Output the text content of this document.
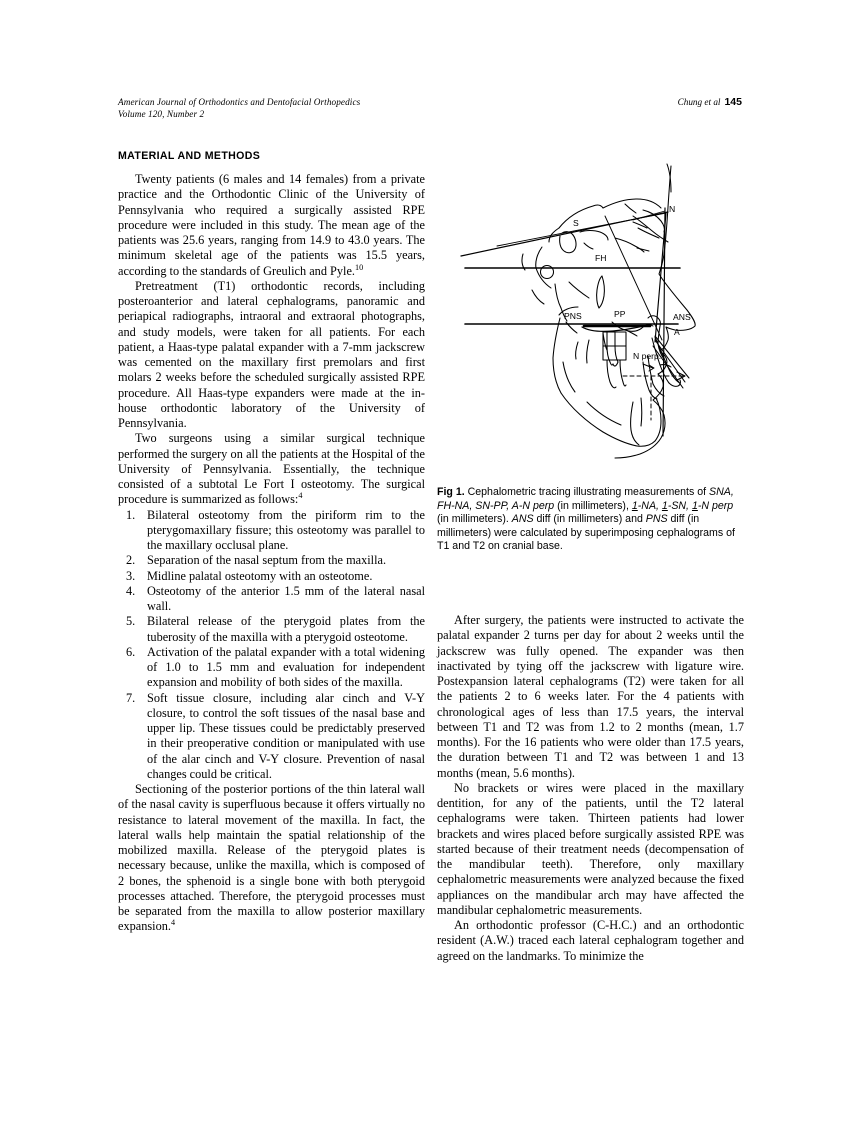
American Journal of Orthodontics and Dentofacial Orthopedics
Volume 120, Number 2
Chung et al 145
MATERIAL AND METHODS

Twenty patients (6 males and 14 females) from a private practice and the Orthodontic Clinic of the University of Pennsylvania who required a surgically assisted RPE procedure were included in this study. The mean age of the patients was 25.6 years, ranging from 14.9 to 43.0 years. The minimum skeletal age of the patients was 15.5 years, according to the standards of Greulich and Pyle.$^{10}$

Pretreatment (T1) orthodontic records, including posteroanterior and lateral cephalograms, panoramic and periapical radiographs, intraoral and extraoral photographs, and study models, were taken for all patients. For each patient, a Haas-type palatal expander with a 7-mm jackscrew was cemented on the maxillary first premolars and first molars 2 weeks before the scheduled surgically assisted RPE procedure. All Haas-type expanders were made at the in-house orthodontic laboratory of the University of Pennsylvania.

Two surgeons using a similar surgical technique performed the surgery on all the patients at the Hospital of the University of Pennsylvania. Essentially, the technique consisted of a subtotal Le Fort I osteotomy. The surgical procedure is summarized as follows:$^4$

Bilateral osteotomy from the piriform rim to the pterygomaxillary fissure; this osteotomy was parallel to the maxillary occlusal plane.
Separation of the nasal septum from the maxilla.
Midline palatal osteotomy with an osteotome.
Osteotomy of the anterior 1.5 mm of the lateral nasal wall.
Bilateral release of the pterygoid plates from the tuberosity of the maxilla with a pterygoid osteotome.
Activation of the palatal expander with a total widening of 1.0 to 1.5 mm and evaluation for independent expansion and mobility of both sides of the maxilla.
Soft tissue closure, including alar cinch and V-Y closure, to control the soft tissues of the nasal base and upper lip. These tissues could be predictably preserved in their preoperative condition or manipulated with use of the alar cinch and V-Y closure. Prevention of nasal changes could be critical.

Sectioning of the posterior portions of the thin lateral wall of the nasal cavity is superfluous because it offers virtually no resistance to lateral movement of the maxilla. In fact, the lateral walls help maintain the spatial relationship of the mobilized maxilla. Release of the pterygoid plates is necessary because, unlike the maxilla, which is composed of 2 bones, the sphenoid is a single bone with both pterygoid processes attached. Therefore, the pterygoid processes must be separated from the maxilla to allow posterior maxillary expansion.$^4$

S
N
FH
PNS	PP	ANS
A
N perp.
Fig 1. Cephalometric tracing illustrating measurements of SNA, FH-NA, SN-PP, A-N perp (in millimeters), 1-NA, 1-SN, 1-N perp (in millimeters). ANS diff (in millimeters) and PNS diff (in millimeters) were calculated by superimposing cephalograms of T1 and T2 on cranial base.

After surgery, the patients were instructed to activate the palatal expander 2 turns per day for about 2 weeks until the jackscrew was fully opened. The expander was then inactivated by tying off the jackscrew with ligature wire. Postexpansion lateral cephalograms (T2) were taken for all the patients 2 to 6 weeks later. For the 4 patients with chronological ages of less than 17.5 years, the interval between T1 and T2 was from 1.2 to 2 months (mean, 1.7 months). For the 16 patients who were older than 17.5 years, the duration between T1 and T2 was between 1 and 13 months (mean, 5.6 months).

No brackets or wires were placed in the maxillary dentition, for any of the patients, until the T2 lateral cephalograms were taken. Thirteen patients had lower brackets and wires placed before surgically assisted RPE was started because of their treatment needs (decompensation of the mandibular teeth). Therefore, only maxillary cephalometric measurements were analyzed because the fixed appliances on the mandibular arch may have affected the mandibular cephalometric measurements.

An orthodontic professor (C-H.C.) and an orthodontic resident (A.W.) traced each lateral cephalogram together and agreed on the landmarks. To minimize the
